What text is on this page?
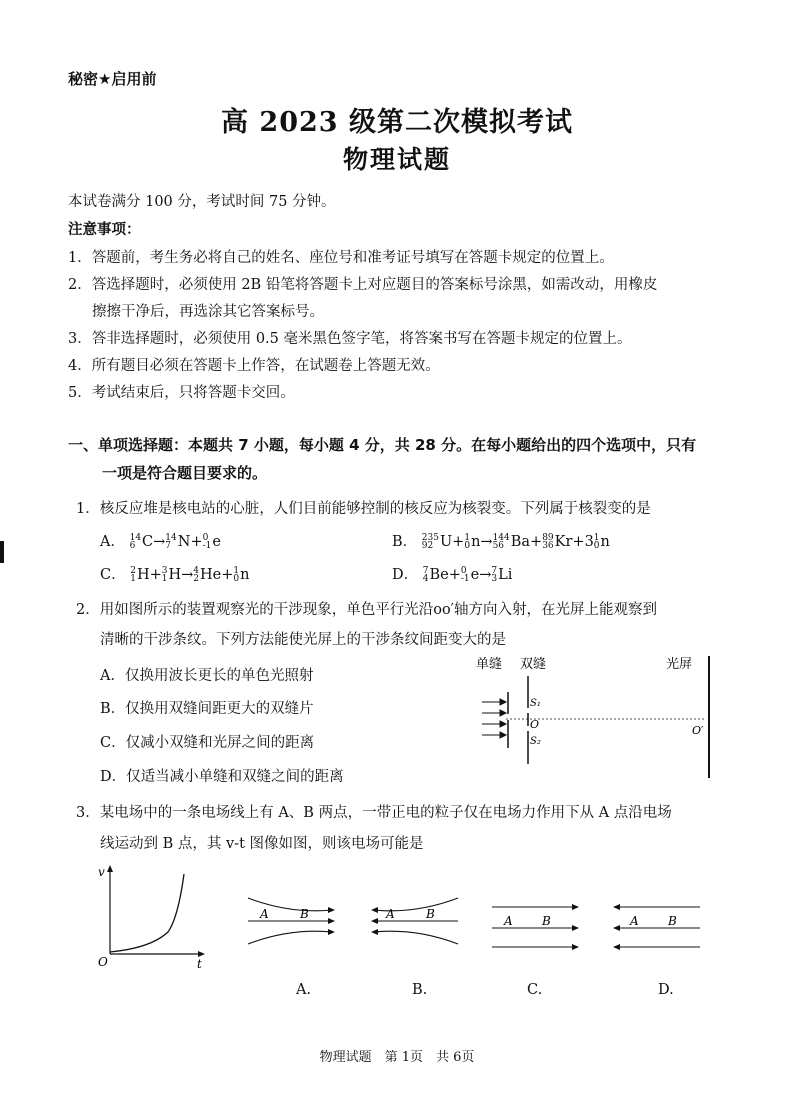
秘密★启用前
高 2023 级第二次模拟考试
物理试题
本试卷满分 100 分，考试时间 75 分钟。
注意事项：
1．答题前，考生务必将自己的姓名、座位号和准考证号填写在答题卡规定的位置上。
2．答选择题时，必须使用 2B 铅笔将答题卡上对应题目的答案标号涂黑，如需改动，用橡皮
擦擦干净后，再选涂其它答案标号。
3．答非选择题时，必须使用 0.5 毫米黑色签字笔，将答案书写在答题卡规定的位置上。
4．所有题目必须在答题卡上作答，在试题卷上答题无效。
5．考试结束后，只将答题卡交回。
一、单项选择题：本题共 7 小题，每小题 4 分，共 28 分。在每小题给出的四个选项中，只有
一项是符合题目要求的。
1．核反应堆是核电站的心脏，人们目前能够控制的核反应为核裂变。下列属于核裂变的是
A． 14
6 C→ 14
7 N+ 0
-1 e	B． 235
92 U+ 1
0 n→ 144
56 Ba+ 89
36 Kr+3 1
0 n
C． 2
1 H+ 3
1 H→ 4
2 He+ 1
0 n	D． 7
4 Be+ 0
-1 e→ 7
3 Li
2．用如图所示的装置观察光的干涉现象，单色平行光沿oo′轴方向入射，在光屏上能观察到
清晰的干涉条纹。下列方法能使光屏上的干涉条纹间距变大的是
A．仅换用波长更长的单色光照射
B．仅换用双缝间距更大的双缝片
C．仅减小双缝和光屏之间的距离
D．仅适当减小单缝和双缝之间的距离
单缝 双缝	光屏
S₁
S₂
O	O′
3．某电场中的一条电场线上有 A、B 两点，一带正电的粒子仅在电场力作用下从 A 点沿电场
线运动到 B 点，其 v-t 图像如图，则该电场可能是
v
t
O
A	B	A	B	A B	A B
A.	B.	C.	D.
物理试题　第 1页　共 6页
